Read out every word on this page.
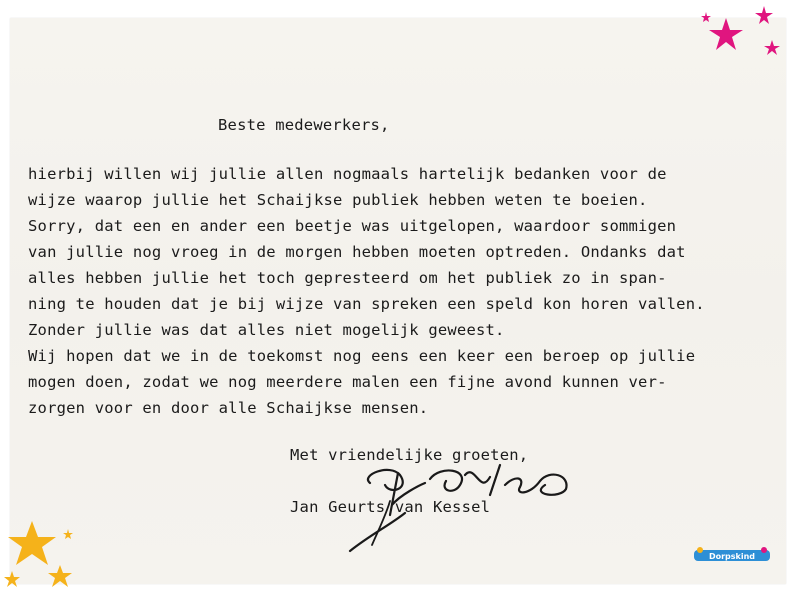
Beste medewerkers,
hierbij willen wij jullie allen nogmaals hartelijk bedanken voor de
wijze waarop jullie het Schaijkse publiek hebben weten te boeien.
Sorry, dat een en ander een beetje was uitgelopen, waardoor sommigen
van jullie nog vroeg in de morgen hebben moeten optreden. Ondanks dat
alles hebben jullie het toch gepresteerd om het publiek zo in span-
ning te houden dat je bij wijze van spreken een speld kon horen vallen.
Zonder jullie was dat alles niet mogelijk geweest.
Wij hopen dat we in de toekomst nog eens een keer een beroep op jullie
mogen doen, zodat we nog meerdere malen een fijne avond kunnen ver-
zorgen voor en door alle Schaijkse mensen.
Met vriendelijke groeten,
Jan Geurts van Kessel
Dorpskind
